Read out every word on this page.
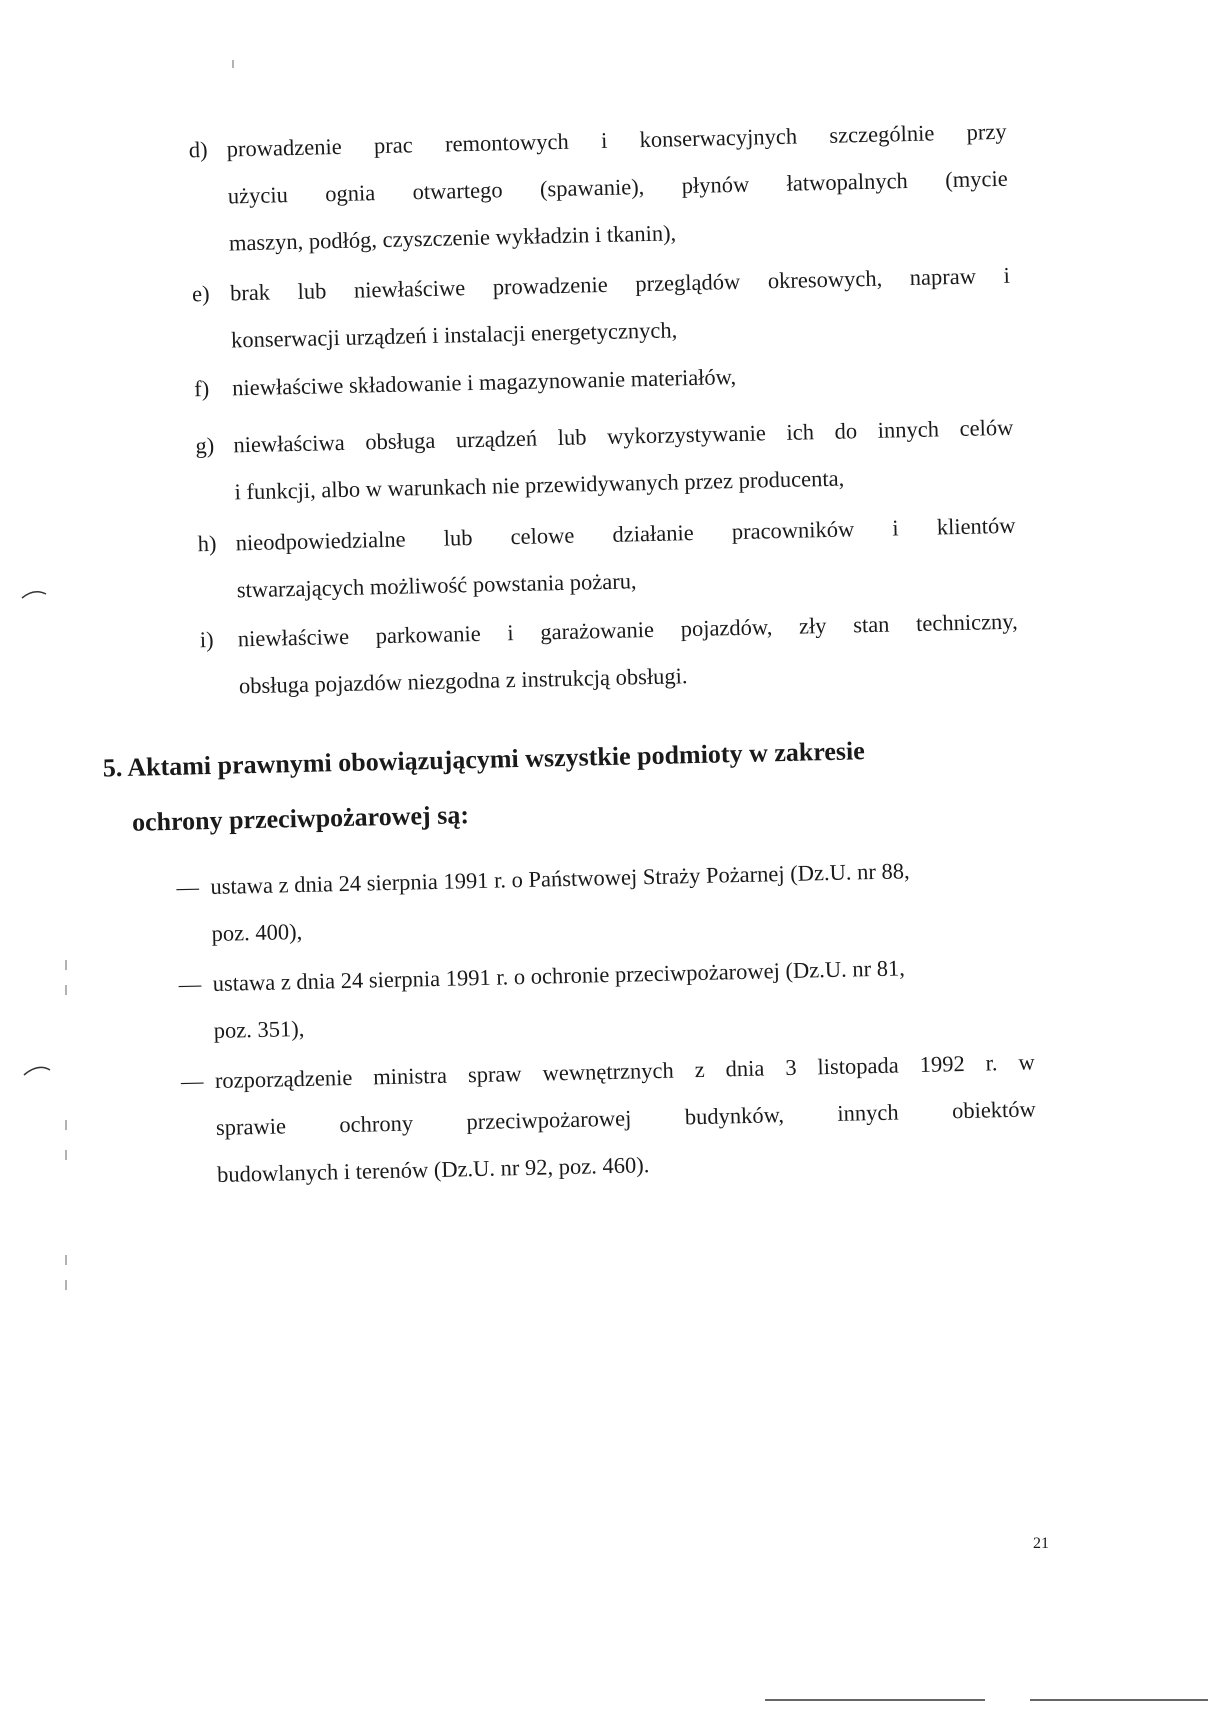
d) prowadzenie prac remontowych i konserwacyjnych szczególnie przy
użyciu ognia otwartego (spawanie), płynów łatwopalnych (mycie
maszyn, podłóg, czyszczenie wykładzin i tkanin),
e) brak lub niewłaściwe prowadzenie przeglądów okresowych, napraw i
konserwacji urządzeń i instalacji energetycznych,
f) niewłaściwe składowanie i magazynowanie materiałów,
g) niewłaściwa obsługa urządzeń lub wykorzystywanie ich do innych celów
i funkcji, albo w warunkach nie przewidywanych przez producenta,
h) nieodpowiedzialne lub celowe działanie pracowników i klientów
stwarzających możliwość powstania pożaru,
i) niewłaściwe parkowanie i garażowanie pojazdów, zły stan techniczny,
obsługa pojazdów niezgodna z instrukcją obsługi.
5. Aktami prawnymi obowiązującymi wszystkie podmioty w zakresie
ochrony przeciwpożarowej są:
— ustawa z dnia 24 sierpnia 1991 r. o Państwowej Straży Pożarnej (Dz.U. nr 88,
poz. 400),
— ustawa z dnia 24 sierpnia 1991 r. o ochronie przeciwpożarowej (Dz.U. nr 81,
poz. 351),
— rozporządzenie ministra spraw wewnętrznych z dnia 3 listopada 1992 r. w
sprawie ochrony przeciwpożarowej budynków, innych obiektów
budowlanych i terenów (Dz.U. nr 92, poz. 460).
21
